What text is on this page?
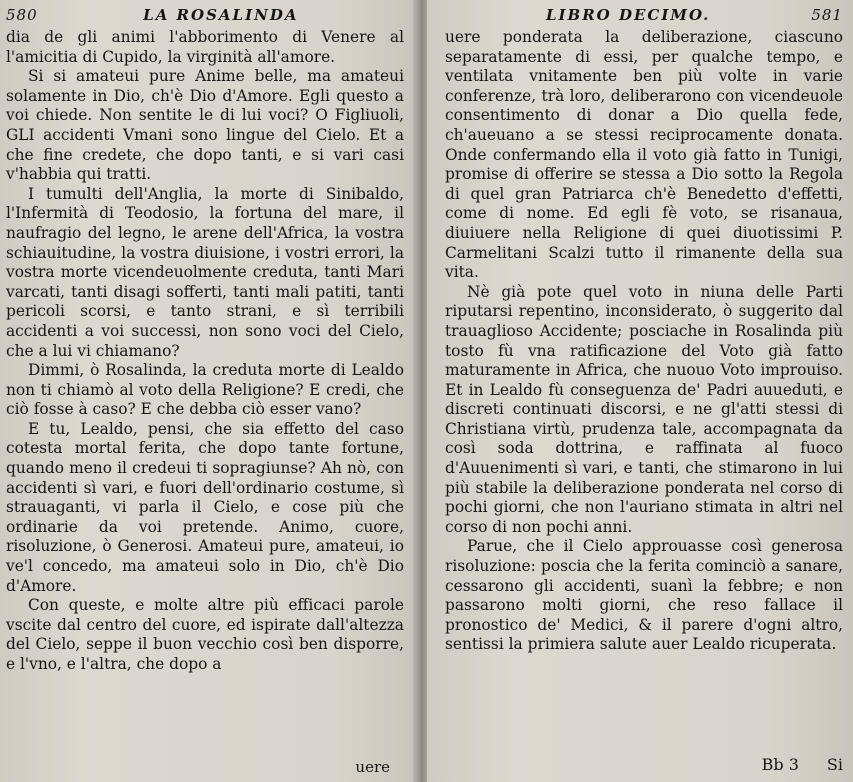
580	LA ROSALINDA

dia de gli animi l'abborimento di Venere al l'amicitia di Cupido, la virginità all'amore.

Si si amateui pure Anime belle, ma amateui solamente in Dio, ch'è Dio d'Amore. Egli questo a voi chiede. Non sentite le di lui voci? O Figliuoli, GLI accidenti Vmani sono lingue del Cielo. Et a che fine credete, che dopo tanti, e si vari casi v'habbia qui tratti.

I tumulti dell'Anglia, la morte di Sinibaldo, l'Infermità di Teodosio, la fortuna del mare, il naufragio del legno, le arene dell'Africa, la vostra schiauitudine, la vostra diuisione, i vostri errori, la vostra morte vicendeuolmente creduta, tanti Mari varcati, tanti disagi sofferti, tanti mali patiti, tanti pericoli scorsi, e tanto strani, e sì terribili accidenti a voi successi, non sono voci del Cielo, che a lui vi chiamano?

Dimmi, ò Rosalinda, la creduta morte di Lealdo non ti chiamò al voto della Religione? E credi, che ciò fosse à caso? E che debba ciò esser vano?

E tu, Lealdo, pensi, che sia effetto del caso cotesta mortal ferita, che dopo tante fortune, quando meno il credeui ti sopragiunse? Ah nò, con accidenti sì vari, e fuori dell'ordinario costume, sì strauaganti, vi parla il Cielo, e cose più che ordinarie da voi pretende. Animo, cuore, risoluzione, ò Generosi. Amateui pure, amateui, io ve'l concedo, ma amateui solo in Dio, ch'è Dio d'Amore.

Con queste, e molte altre più efficaci parole vscite dal centro del cuore, ed ispirate dall'altezza del Cielo, seppe il buon vecchio così ben disporre, e l'vno, e l'altra, che dopo a

uere
LIBRO DECIMO.	581

uere ponderata la deliberazione, ciascuno separatamente di essi, per qualche tempo, e ventilata vnitamente ben più volte in varie conferenze, trà loro, deliberarono con vicendeuole consentimento di donar a Dio quella fede, ch'aueuano a se stessi reciprocamente donata. Onde confermando ella il voto già fatto in Tunigi, promise di offerire se stessa a Dio sotto la Regola di quel gran Patriarca ch'è Benedetto d'effetti, come di nome. Ed egli fè voto, se risanaua, diuiuere nella Religione di quei diuotissimi P. Carmelitani Scalzi tutto il rimanente della sua vita.

Nè già pote quel voto in niuna delle Parti riputarsi repentino, inconsiderato, ò suggerito dal trauaglioso Accidente; posciache in Rosalinda più tosto fù vna ratificazione del Voto già fatto maturamente in Africa, che nuouo Voto improuiso. Et in Lealdo fù conseguenza de' Padri auueduti, e discreti continuati discorsi, e ne gl'atti stessi di Christiana virtù, prudenza tale, accompagnata da così soda dottrina, e raffinata al fuoco d'Auuenimenti sì vari, e tanti, che stimarono in lui più stabile la deliberazione ponderata nel corso di pochi giorni, che non l'auriano stimata in altri nel corso di non pochi anni.

Parue, che il Cielo approuasse così generosa risoluzione: poscia che la ferita cominciò a sanare, cessarono gli accidenti, suanì la febbre; e non passarono molti giorni, che reso fallace il pronostico de' Medici, & il parere d'ogni altro, sentissi la primiera salute auer Lealdo ricuperata.

Bb 3 Si
